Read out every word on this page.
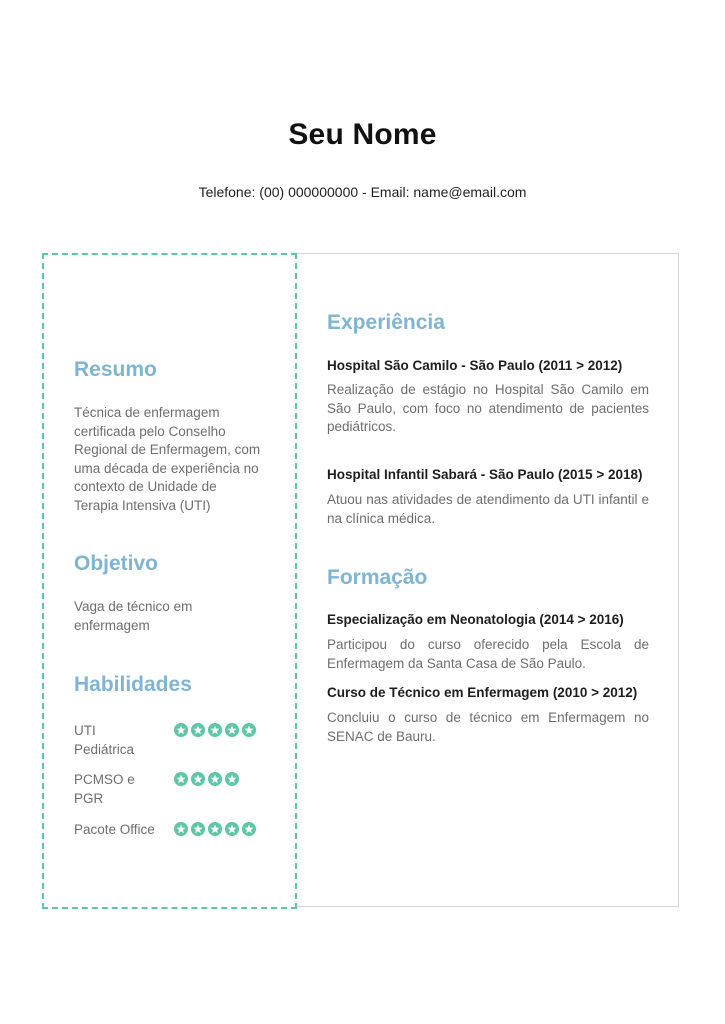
Seu Nome
Telefone: (00) 000000000 - Email: name@email.com
Resumo
Técnica de enfermagem certificada pelo Conselho Regional de Enfermagem, com uma década de experiência no contexto de Unidade de Terapia Intensiva (UTI)
Objetivo
Vaga de técnico em enfermagem
Habilidades
UTI Pediátrica
PCMSO e PGR
Pacote Office
Experiência
Hospital São Camilo - São Paulo (2011 > 2012)
Realização de estágio no Hospital São Camilo em São Paulo, com foco no atendimento de pacientes pediátricos.
Hospital Infantil Sabará - São Paulo (2015 > 2018)
Atuou nas atividades de atendimento da UTI infantil e na clínica médica.
Formação
Especialização em Neonatologia (2014 > 2016)
Participou do curso oferecido pela Escola de Enfermagem da Santa Casa de São Paulo.
Curso de Técnico em Enfermagem (2010 > 2012)
Concluiu o curso de técnico em Enfermagem no SENAC de Bauru.
